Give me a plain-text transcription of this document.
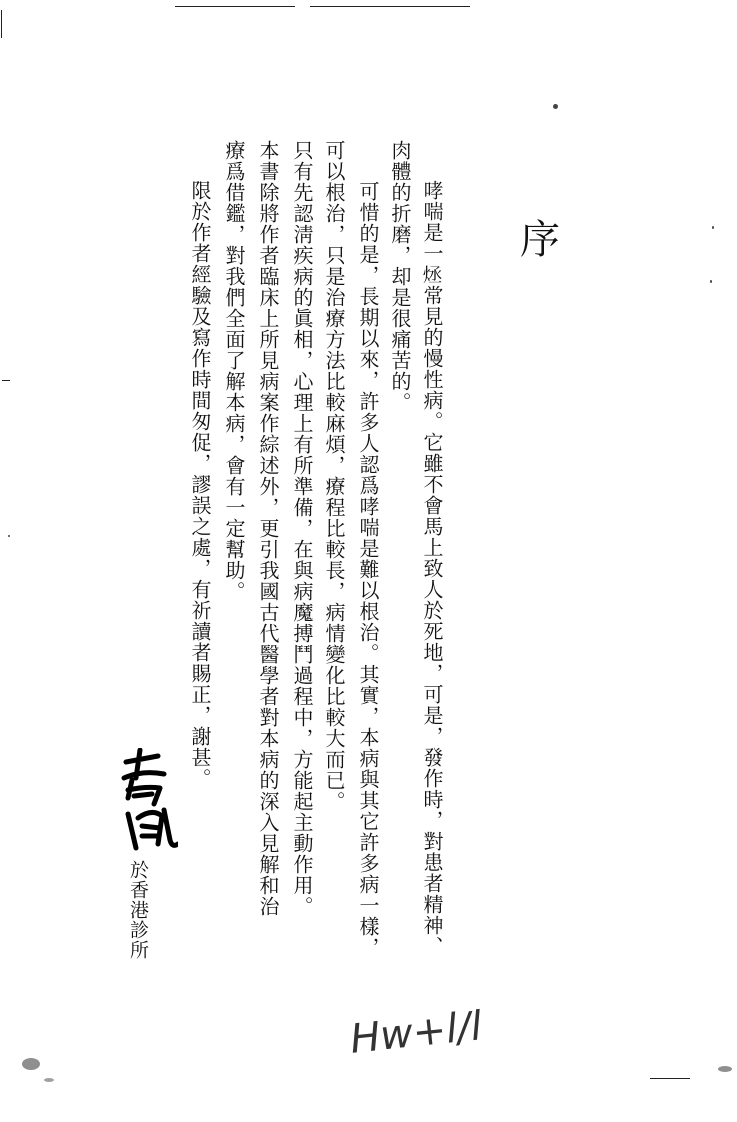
序
哮喘是一𤇶常見的慢性病。它雖不會馬上致人於死地，可是，發作時，對患者精神、
肉體的折磨，却是很痛苦的。
　可惜的是，長期以來，許多人認爲哮喘是難以根治。其實，本病與其它許多病一樣，
可以根治，只是治療方法比較麻煩，療程比較長，病情變化比較大而已。
只有先認淸疾病的眞相，心理上有所準備，在與病魔搏鬥過程中，方能起主動作用。
本書除將作者臨床上所見病案作綜述外，更引我國古代醫學者對本病的深入見解和治
療爲借鑑，對我們全面了解本病，會有一定幫助。
限於作者經驗及寫作時間匆促，謬誤之處，有祈讀者賜正，謝甚。
於香港診所
Hw+l/l
